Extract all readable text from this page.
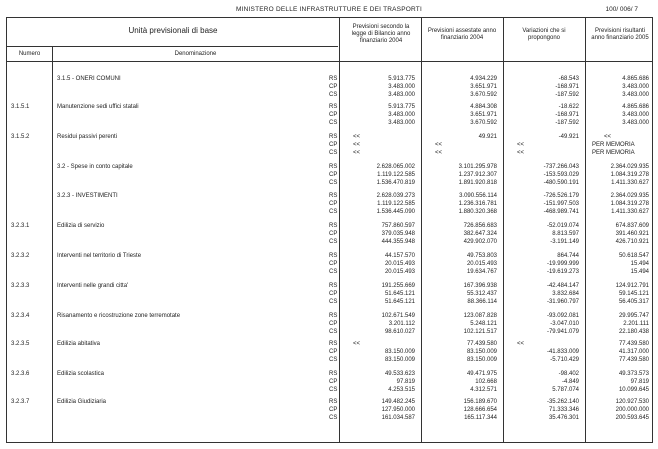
MINISTERO DELLE INFRASTRUTTURE E DEI TRASPORTI	100/ 006/ 7
Unità previsionali di base
Numero	Denominazione
Previsioni secondo la legge di Bilancio anno finanziario 2004
Previsioni assestate anno finanziario 2004
Variazioni che si propongono
Previsioni risultanti anno finanziario 2005
3.1.5 - ONERI COMUNI	RS	5.913.775	4.934.229	-68.543	4.865.686
CP	3.483.000	3.651.971	-168.971	3.483.000
CS	3.483.000	3.670.592	-187.592	3.483.000
3.1.5.1	Manutenzione sedi uffici statali	RS	5.913.775	4.884.308	-18.622	4.865.686
CP	3.483.000	3.651.971	-168.971	3.483.000
CS	3.483.000	3.670.592	-187.592	3.483.000
3.1.5.2	Residui passivi perenti	RS	<<	49.921	-49.921	<<
CP	<<	<<	<<	PER MEMORIA
CS	<<	<<	<<	PER MEMORIA
3.2 - Spese in conto capitale	RS	2.628.065.002	3.101.295.978	-737.266.043	2.364.029.935
CP	1.119.122.585	1.237.912.307	-153.593.029	1.084.319.278
CS	1.536.470.819	1.891.920.818	-480.590.191	1.411.330.627
3.2.3 - INVESTIMENTI	RS	2.628.039.273	3.090.556.114	-726.526.179	2.364.029.935
CP	1.119.122.585	1.236.316.781	-151.997.503	1.084.319.278
CS	1.536.445.090	1.880.320.368	-468.989.741	1.411.330.627
3.2.3.1	Edilizia di servizio	RS	757.860.597	726.856.683	-52.019.074	674.837.609
CP	379.035.948	382.647.324	8.813.597	391.460.921
CS	444.355.948	429.902.070	-3.191.149	426.710.921
3.2.3.2	Interventi nel territorio di Trieste	RS	44.157.570	49.753.803	864.744	50.618.547
CP	20.015.493	20.015.493	-19.999.999	15.494
CS	20.015.493	19.634.767	-19.619.273	15.494
3.2.3.3	Interventi nelle grandi citta'	RS	191.255.669	167.396.938	-42.484.147	124.912.791
CP	51.645.121	55.312.437	3.832.684	59.145.121
CS	51.645.121	88.366.114	-31.960.797	56.405.317
3.2.3.4	Risanamento e ricostruzione zone terremotate	RS	102.671.549	123.087.828	-93.092.081	29.995.747
CP	3.201.112	5.248.121	-3.047.010	2.201.111
CS	98.610.027	102.121.517	-79.941.079	22.180.438
3.2.3.5	Edilizia abitativa	RS	<<	77.439.580	<<	77.439.580
CP	83.150.009	83.150.009	-41.833.009	41.317.000
CS	83.150.009	83.150.009	-5.710.429	77.439.580
3.2.3.6	Edilizia scolastica	RS	49.533.623	49.471.975	-98.402	49.373.573
CP	97.819	102.668	-4.849	97.819
CS	4.253.515	4.312.571	5.787.074	10.099.645
3.2.3.7	Edilizia Giudiziaria	RS	149.482.245	156.189.670	-35.262.140	120.927.530
CP	127.950.000	128.666.654	71.333.346	200.000.000
CS	161.034.587	165.117.344	35.476.301	200.593.645
